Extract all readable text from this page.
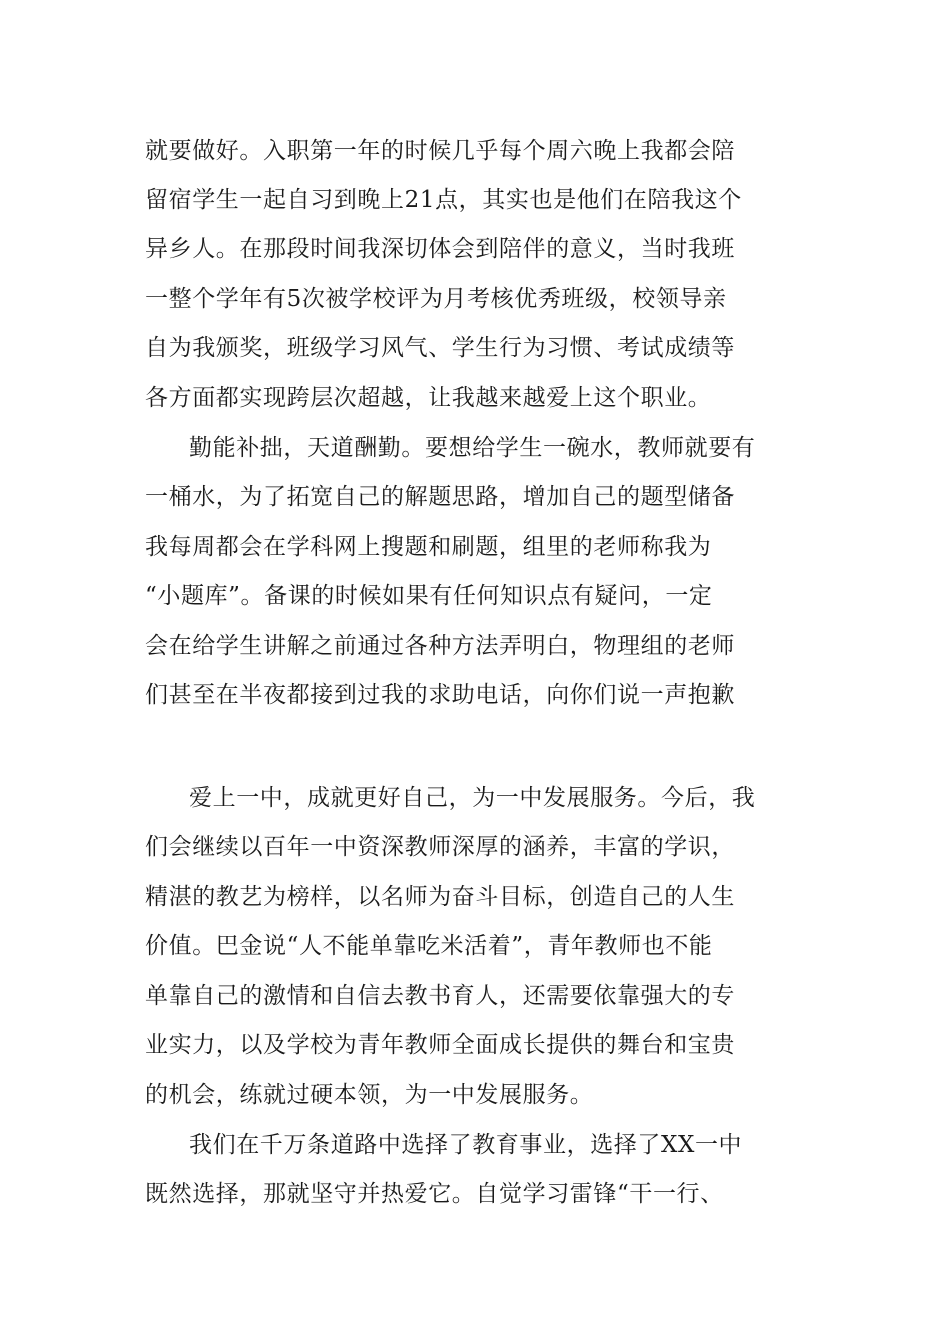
就要做好。入职第一年的时候几乎每个周六晚上我都会陪
留宿学生一起自习到晚上21点，其实也是他们在陪我这个
异乡人。在那段时间我深切体会到陪伴的意义，当时我班
一整个学年有5次被学校评为月考核优秀班级，校领导亲
自为我颁奖，班级学习风气、学生行为习惯、考试成绩等
各方面都实现跨层次超越，让我越来越爱上这个职业。
勤能补拙，天道酬勤。要想给学生一碗水，教师就要有
一桶水，为了拓宽自己的解题思路，增加自己的题型储备
我每周都会在学科网上搜题和刷题，组里的老师称我为
“小题库”。备课的时候如果有任何知识点有疑问，一定
会在给学生讲解之前通过各种方法弄明白，物理组的老师
们甚至在半夜都接到过我的求助电话，向你们说一声抱歉
爱上一中，成就更好自己，为一中发展服务。今后，我
们会继续以百年一中资深教师深厚的涵养，丰富的学识，
精湛的教艺为榜样，以名师为奋斗目标，创造自己的人生
价值。巴金说“人不能单靠吃米活着”，青年教师也不能
单靠自己的激情和自信去教书育人，还需要依靠强大的专
业实力，以及学校为青年教师全面成长提供的舞台和宝贵
的机会，练就过硬本领，为一中发展服务。
我们在千万条道路中选择了教育事业，选择了XX一中
既然选择，那就坚守并热爱它。自觉学习雷锋“干一行、
